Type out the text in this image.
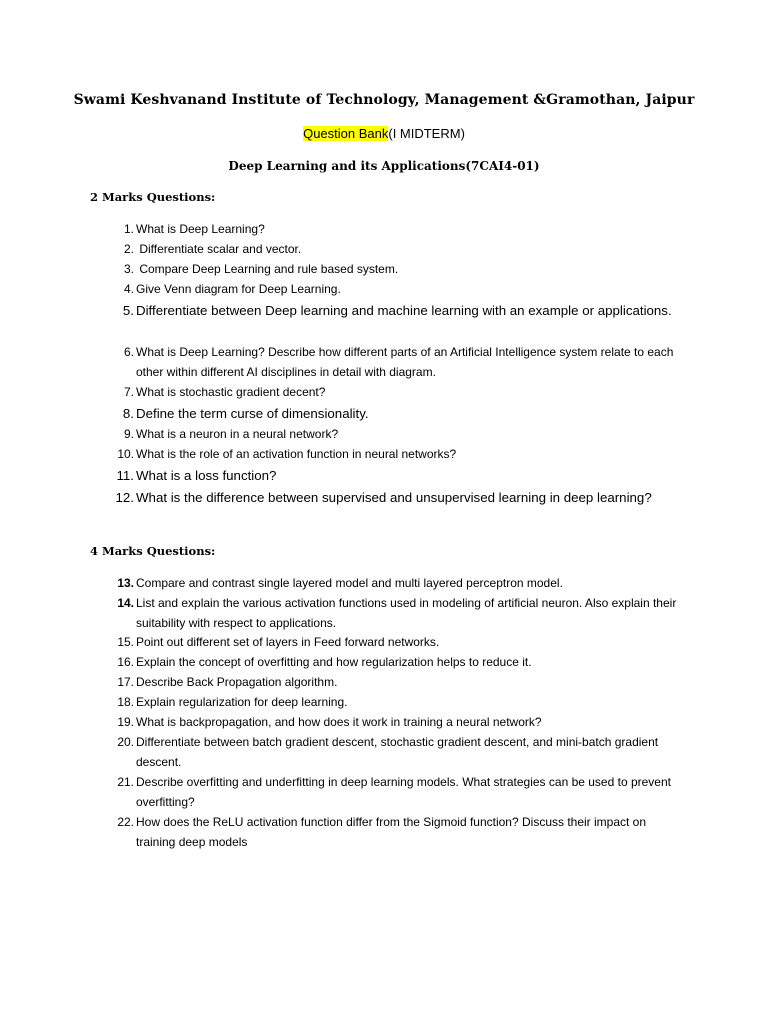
Swami Keshvanand Institute of Technology, Management &Gramothan, Jaipur
Question Bank(I MIDTERM)
Deep Learning and its Applications(7CAI4-01)
2 Marks Questions:
1. What is Deep Learning?
2. Differentiate scalar and vector.
3. Compare Deep Learning and rule based system.
4. Give Venn diagram for Deep Learning.
5. Differentiate between Deep learning and machine learning with an example or applications.
6. What is Deep Learning? Describe how different parts of an Artificial Intelligence system relate to each other within different AI disciplines in detail with diagram.
7. What is stochastic gradient decent?
8. Define the term curse of dimensionality.
9. What is a neuron in a neural network?
10. What is the role of an activation function in neural networks?
11. What is a loss function?
12. What is the difference between supervised and unsupervised learning in deep learning?
4 Marks Questions:
13. Compare and contrast single layered model and multi layered perceptron model.
14. List and explain the various activation functions used in modeling of artificial neuron. Also explain their suitability with respect to applications.
15. Point out different set of layers in Feed forward networks.
16. Explain the concept of overfitting and how regularization helps to reduce it.
17. Describe Back Propagation algorithm.
18. Explain regularization for deep learning.
19. What is backpropagation, and how does it work in training a neural network?
20. Differentiate between batch gradient descent, stochastic gradient descent, and mini-batch gradient descent.
21. Describe overfitting and underfitting in deep learning models. What strategies can be used to prevent overfitting?
22. How does the ReLU activation function differ from the Sigmoid function? Discuss their impact on training deep models
